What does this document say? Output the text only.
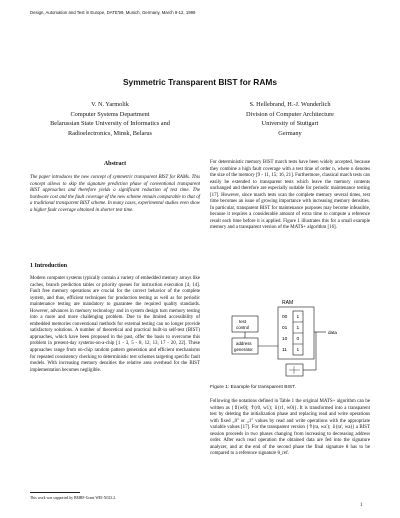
Design, Automation and Test in Europe, DATE'99, Munich, Germany, March 9-12, 1999
Symmetric Transparent BIST for RAMs
V. N. Yarmolik
Computer Systems Department
Belarussian State University of Informatics and
Radioelectronics, Minsk, Belarus
S. Hellebrand, H.-J. Wunderlich
Division of Computer Architecture
University of Stuttgart
Germany
Abstract
The paper introduces the new concept of symmetric transparent BIST for RAMs. This concept allows to skip the signature prediction phase of conventional transparent BIST approaches and therefore yields a significant reduction of test time. The hardware cost and the fault coverage of the new scheme remain comparable to that of a traditional transparent BIST scheme. In many cases, experimental studies even show a higher fault coverage obtained in shorter test time.
1 Introduction
Modern computer systems typically contain a variety of embedded memory arrays like caches, branch prediction tables or priority queues for instruction execution [4, 14]. Fault free memory operations are crucial for the correct behavior of the complete system, and thus, efficient techniques for production testing as well as for periodic maintenance testing are mandatory to guarantee the required quality standards. However, advances in memory technology and in system design turn memory testing into a more and more challenging problem. Due to the limited accessibility of embedded memories conventional methods for external testing can no longer provide satisfactory solutions. A number of theoretical and practical built-in self-test (BIST) approaches, which have been proposed in the past, offer the basis to overcome this problem in present-day systems-on-a-chip [1 - 3, 5 - 8, 12, 13, 17 - 20, 22]. These approaches range from on-chip random pattern generation and efficient mechanisms for repeated consistency checking to deterministic test schemes targeting specific fault models. With increasing memory densities the relative area overhead for the BIST implementation becomes negligible.
For deterministic memory BIST march tests have been widely accepted, because they combine a high fault coverage with a test time of order n, where n denotes the size of the memory [9 - 11, 15; 16, 21]. Furthermore, classical march tests can easily be extended to transparent tests which leave the memory contents unchanged and therefore are especially suitable for periodic maintenance testing [17]. However, since march tests scan the complete memory several times, test time becomes an issue of growing importance with increasing memory densities. In particular, transparent BIST for maintenance purposes may become infeasible, because it requires a considerable amount of extra time to compute a reference result each time before it is applied. Figure 1 illustrates this for a small example memory and a transparent version of the MATS+ algorithm [16].
RAM
test
control
address
generator
00
01
10
11
1
1
0
1
data
Figure 1: Example for transparent BIST.
Following the notations defined in Table 1 the original MATS+ algorithm can be written as {⇕(w0); ⇑(r0, w1); ⇓(r1, w0)}. It is transformed into a transparent test by deleting the initialization phase and replacing read and write operations with fixed „0" or „1" values by read and write operations with the appropriate variable values [17]. For the transparent version {⇑(ra, wa'); ⇓(ra', wa)} a BIST session proceeds in two phases changing from increasing to decreasing address order. After each read operation the obtained data are fed into the signature analyzer, and at the end of the second phase the final signature θ has to be compared to a reference signature θ_ref.
This work was supported by BMBF-Grant WEI-X023.2.
1
